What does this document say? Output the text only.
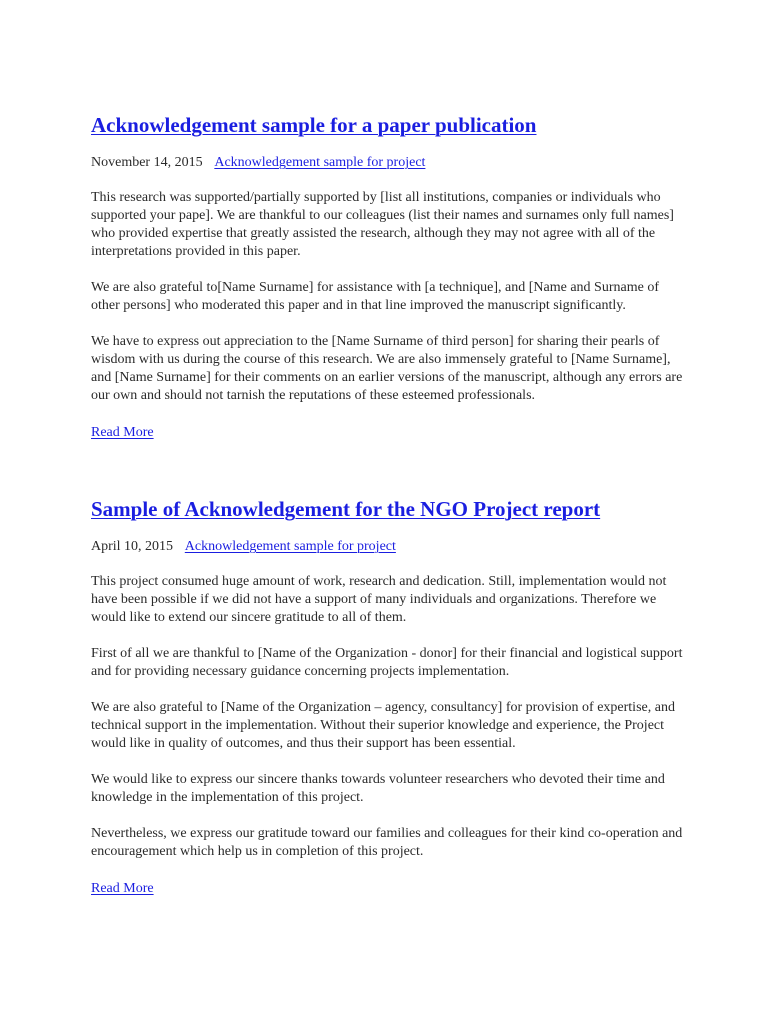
Acknowledgement sample for a paper publication

November 14, 2015 Acknowledgement sample for project

This research was supported/partially supported by [list all institutions, companies or individuals who supported your pape]. We are thankful to our colleagues (list their names and surnames only full names] who provided expertise that greatly assisted the research, although they may not agree with all of the interpretations provided in this paper.

We are also grateful to[Name Surname] for assistance with [a technique], and [Name and Surname of other persons] who moderated this paper and in that line improved the manuscript significantly.

We have to express out appreciation to the [Name Surname of third person] for sharing their pearls of wisdom with us during the course of this research. We are also immensely grateful to [Name Surname], and [Name Surname] for their comments on an earlier versions of the manuscript, although any errors are our own and should not tarnish the reputations of these esteemed professionals.

Read More
Sample of Acknowledgement for the NGO Project report

April 10, 2015 Acknowledgement sample for project

This project consumed huge amount of work, research and dedication. Still, implementation would not have been possible if we did not have a support of many individuals and organizations. Therefore we would like to extend our sincere gratitude to all of them.

First of all we are thankful to [Name of the Organization - donor] for their financial and logistical support and for providing necessary guidance concerning projects implementation.

We are also grateful to [Name of the Organization – agency, consultancy] for provision of expertise, and technical support in the implementation. Without their superior knowledge and experience, the Project would like in quality of outcomes, and thus their support has been essential.

We would like to express our sincere thanks towards volunteer researchers who devoted their time and knowledge in the implementation of this project.

Nevertheless, we express our gratitude toward our families and colleagues for their kind co-operation and encouragement which help us in completion of this project.

Read More
